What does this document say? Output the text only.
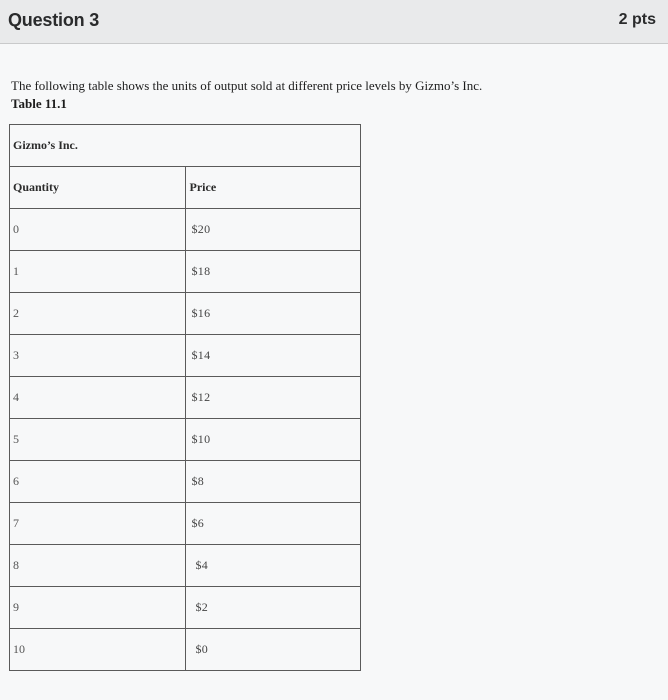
Question 3	2 pts
The following table shows the units of output sold at different price levels by Gizmo’s Inc.
Table 11.1
Gizmo’s Inc.	
Quantity	Price
0	$20
1	$18
2	$16
3	$14
4	$12
5	$10
6	$8
7	$6
8	$4
9	$2
10	$0
